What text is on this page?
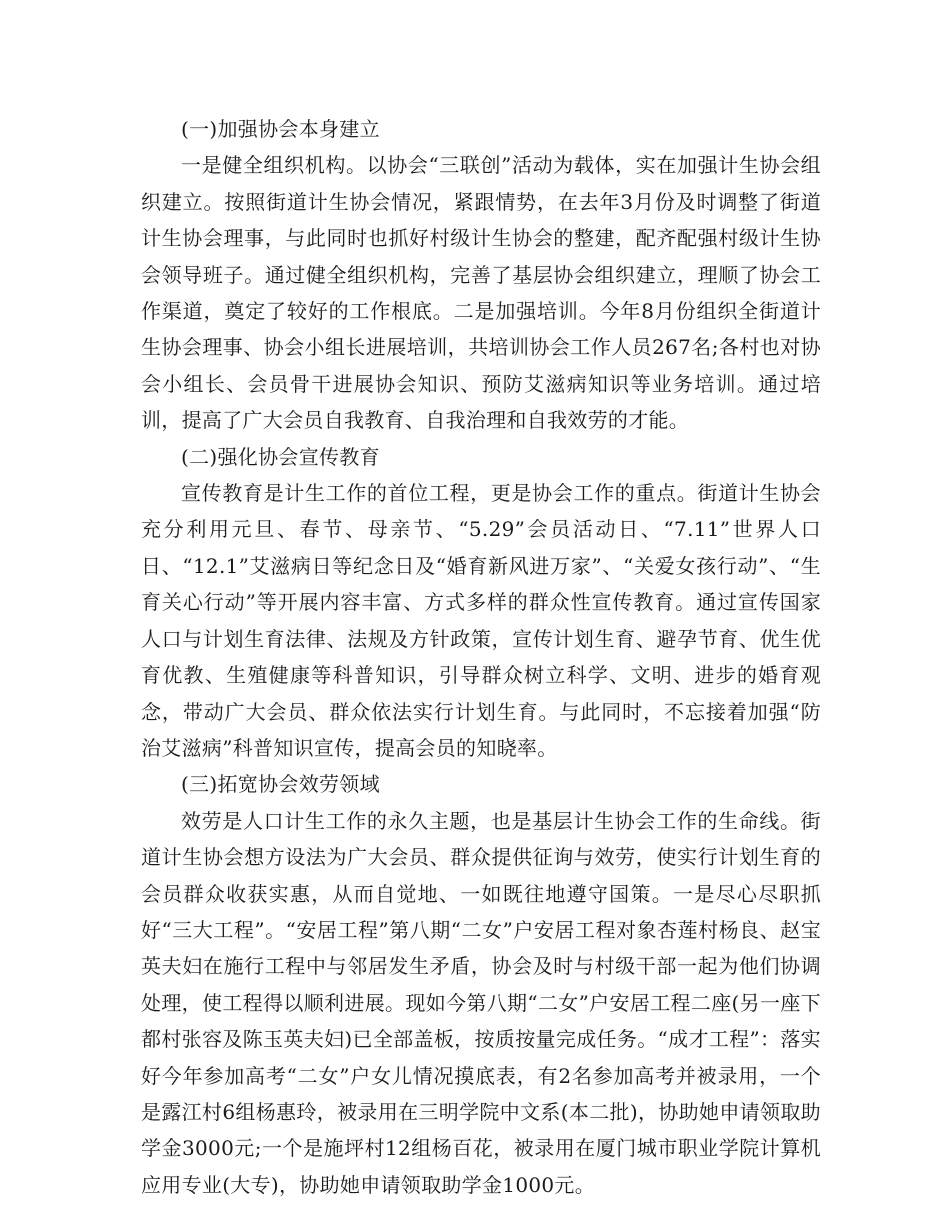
(一)加强协会本身建立

一是健全组织机构。以协会“三联创”活动为载体，实在加强计生协会组织建立。按照街道计生协会情况，紧跟情势，在去年3月份及时调整了街道计生协会理事，与此同时也抓好村级计生协会的整建，配齐配强村级计生协会领导班子。通过健全组织机构，完善了基层协会组织建立，理顺了协会工作渠道，奠定了较好的工作根底。二是加强培训。今年8月份组织全街道计生协会理事、协会小组长进展培训，共培训协会工作人员267名;各村也对协会小组长、会员骨干进展协会知识、预防艾滋病知识等业务培训。通过培训，提高了广大会员自我教育、自我治理和自我效劳的才能。

(二)强化协会宣传教育

宣传教育是计生工作的首位工程，更是协会工作的重点。街道计生协会充分利用元旦、春节、母亲节、“5.29”会员活动日、“7.11”世界人口日、“12.1”艾滋病日等纪念日及“婚育新风进万家”、“关爱女孩行动”、“生育关心行动”等开展内容丰富、方式多样的群众性宣传教育。通过宣传国家人口与计划生育法律、法规及方针政策，宣传计划生育、避孕节育、优生优育优教、生殖健康等科普知识，引导群众树立科学、文明、进步的婚育观念，带动广大会员、群众依法实行计划生育。与此同时，不忘接着加强“防治艾滋病”科普知识宣传，提高会员的知晓率。

(三)拓宽协会效劳领域

效劳是人口计生工作的永久主题，也是基层计生协会工作的生命线。街道计生协会想方设法为广大会员、群众提供征询与效劳，使实行计划生育的会员群众收获实惠，从而自觉地、一如既往地遵守国策。一是尽心尽职抓好“三大工程”。“安居工程”第八期“二女”户安居工程对象杏莲村杨良、赵宝英夫妇在施行工程中与邻居发生矛盾，协会及时与村级干部一起为他们协调处理，使工程得以顺利进展。现如今第八期“二女”户安居工程二座(另一座下都村张容及陈玉英夫妇)已全部盖板，按质按量完成任务。“成才工程”：落实好今年参加高考“二女”户女儿情况摸底表，有2名参加高考并被录用，一个是露江村6组杨惠玲，被录用在三明学院中文系(本二批)，协助她申请领取助学金3000元;一个是施坪村12组杨百花，被录用在厦门城市职业学院计算机应用专业(大专)，协助她申请领取助学金1000元。
